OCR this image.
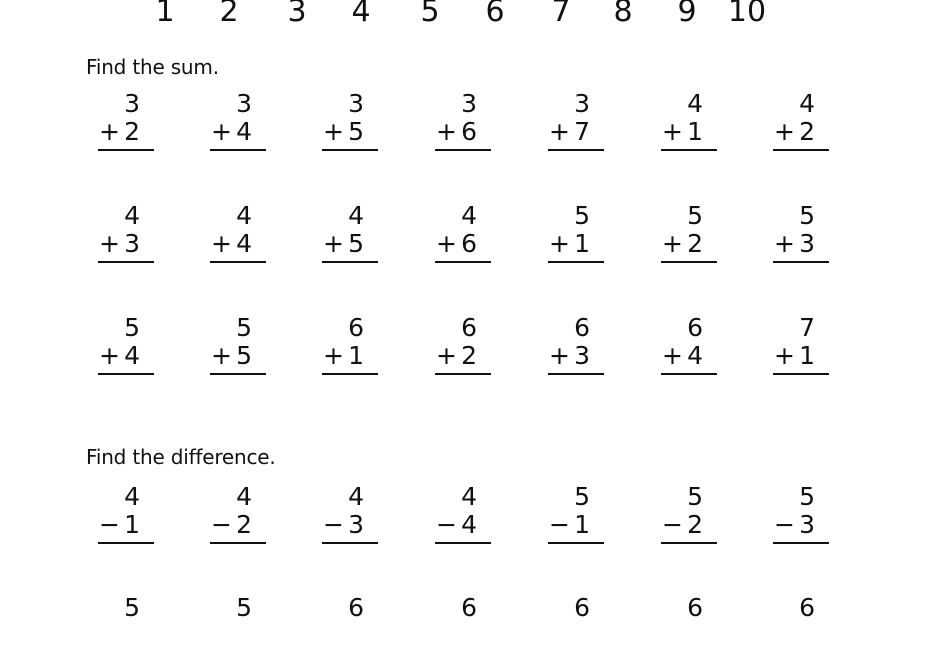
1 2 3 4 5 6 7 8 9 10
Find the sum.
3
+ 2
3
+ 4
3
+ 5
3
+ 6
3
+ 7
4
+ 1
4
+ 2
4
+ 3
4
+ 4
4
+ 5
4
+ 6
5
+ 1
5
+ 2
5
+ 3
5
+ 4
5
+ 5
6
+ 1
6
+ 2
6
+ 3
6
+ 4
7
+ 1
Find the difference.
4
− 1
4
− 2
4
− 3
4
− 4
5
− 1
5
− 2
5
− 3
5	5	6	6	6	6	6
